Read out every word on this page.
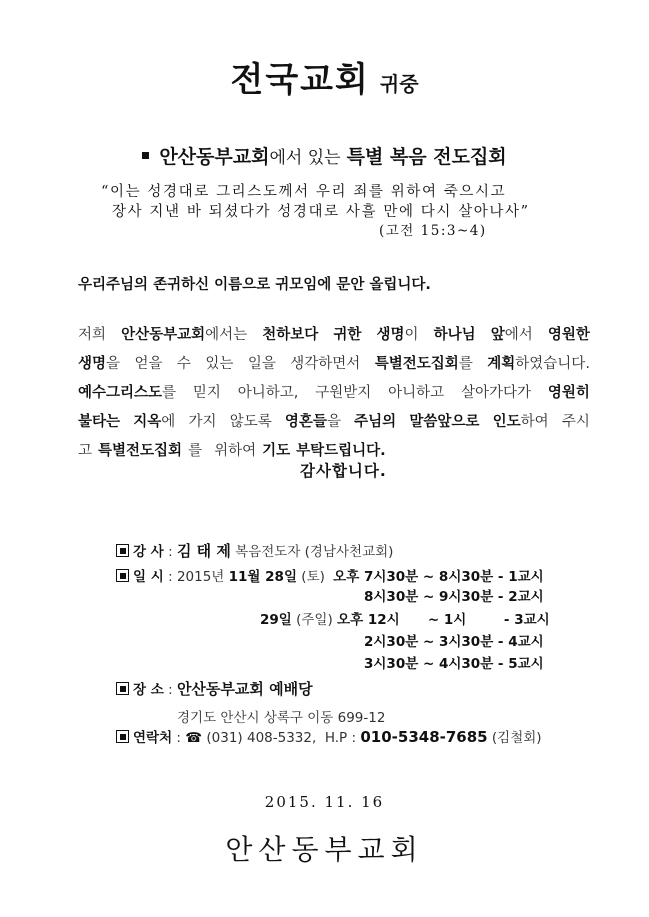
전국교회 귀중
안산동부교회에서 있는 특별 복음 전도집회
“이는 성경대로 그리스도께서 우리 죄를 위하여 죽으시고
장사 지낸 바 되셨다가 성경대로 사흘 만에 다시 살아나사”
(고전 15:3~4)
우리주님의 존귀하신 이름으로 귀모임에 문안 올립니다.
저희 안산동부교회에서는 천하보다 귀한 생명이 하나님 앞에서 영원한
생명을 얻을 수 있는 일을 생각하면서 특별전도집회를 계획하였습니다.
예수그리스도를 믿지 아니하고, 구원받지 아니하고 살아가다가 영원히
불타는 지옥에 가지 않도록 영혼들을 주님의 말씀앞으로 인도하여 주시
고 특별전도집회 를 위하여 기도 부탁드립니다.
감사합니다.
강 사 : 김 태 제 복음전도자 (경남사천교회)
일 시 : 2015년 11월 28일 (토) 오후 7시30분 ~ 8시30분 - 1교시
8시30분 ~ 9시30분 - 2교시
29일 (주일) 오후 12시      ~ 1시        - 3교시
2시30분 ~ 3시30분 - 4교시
3시30분 ~ 4시30분 - 5교시
장 소 : 안산동부교회 예배당
경기도 안산시 상록구 이동 699-12
연락처 : ☎ (031) 408-5332,  H.P : 010-5348-7685 (김철회)
2015. 11. 16
안산동부교회
